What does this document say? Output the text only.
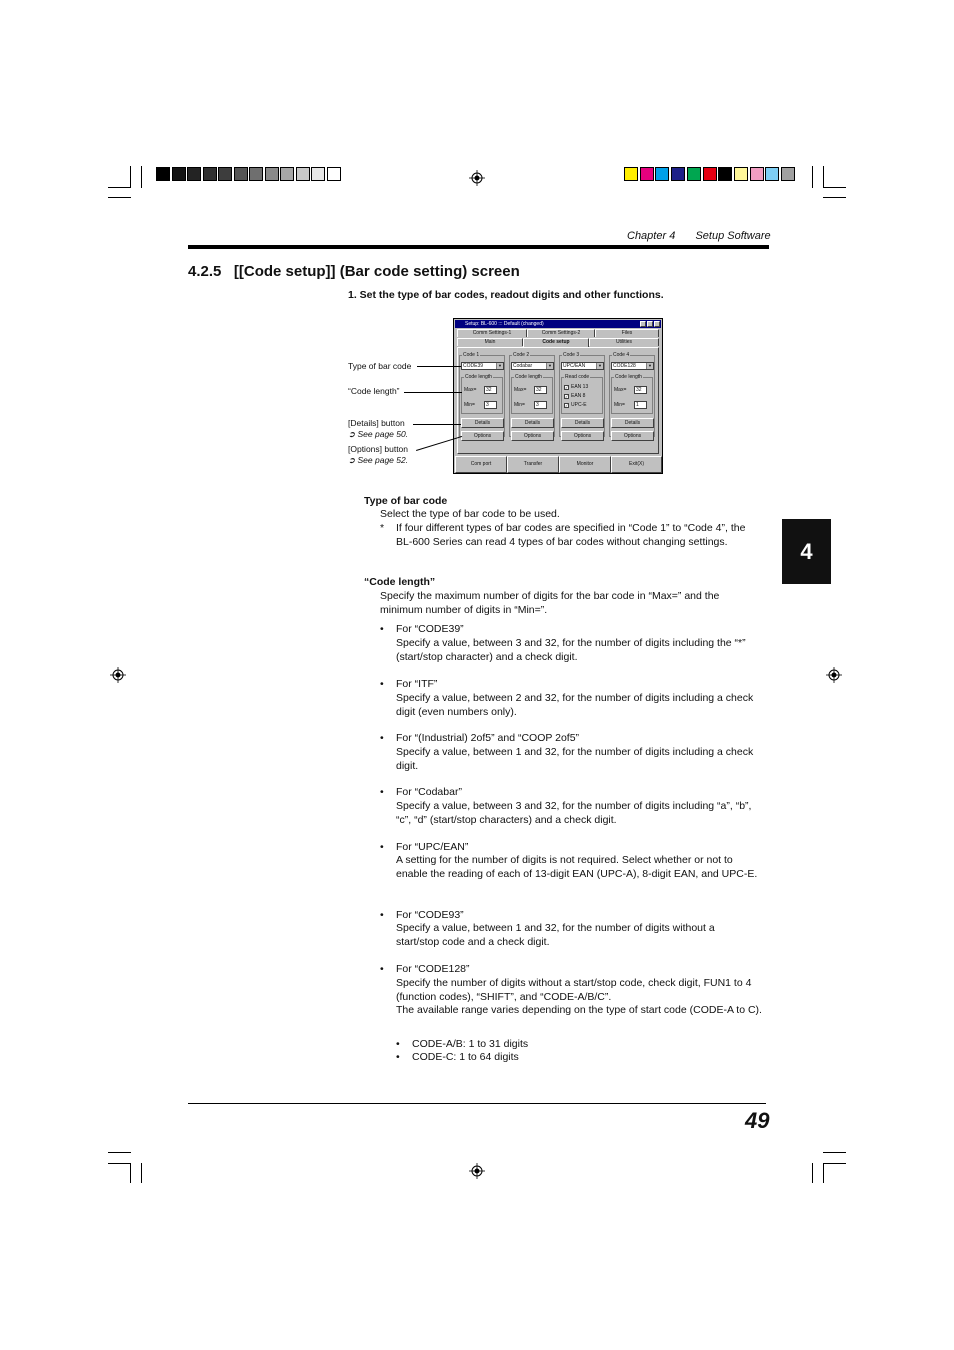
Chapter 4 Setup Software
4
4.2.5 [[Code setup]] (Bar code setting) screen
1. Set the type of bar codes, readout digits and other functions.
Setup: BL-600 ::: Default (changed)
Comm Settings-1	Comm Settings-2	Files
Main	Code setup	Utilities
Code 1
CODE39	▼
Code length
Max=	32
Min=	3
Details
Options
Code 2
Codabar	▼
Code length
Max=	32
Min=	3
Details
Options
Code 3
UPC/EAN	▼
Read code
✓ EAN 13
✓ EAN 8
✓ UPC-E
Details
Options
Code 4
CODE128	▼
Code length
Max=	32
Min=	1
Details
Options
Com port	Transfer	Monitor	Exit(X)
Type of bar code
“Code length”
[Details] button
➲ See page 50.
[Options] button
➲ See page 52.
Type of bar code
Select the type of bar code to be used.
* If four different types of bar codes are specified in “Code 1” to “Code 4”, the BL-600 Series can read 4 types of bar codes without changing settings.
“Code length”
Specify the maximum number of digits for the bar code in “Max=” and the minimum number of digits in “Min=”.
• For “CODE39”
Specify a value, between 3 and 32, for the number of digits including the “*” (start/stop character) and a check digit.
• For “ITF”
Specify a value, between 2 and 32, for the number of digits including a check digit (even numbers only).
• For “(Industrial) 2of5” and “COOP 2of5”
Specify a value, between 1 and 32, for the number of digits including a check digit.
• For “Codabar”
Specify a value, between 3 and 32, for the number of digits including “a”, “b”, “c”, “d” (start/stop characters) and a check digit.
• For “UPC/EAN”
A setting for the number of digits is not required. Select whether or not to enable the reading of each of 13-digit EAN (UPC-A), 8-digit EAN, and UPC-E.
• For “CODE93”
Specify a value, between 1 and 32, for the number of digits without a start/stop code and a check digit.
• For “CODE128”
Specify the number of digits without a start/stop code, check digit, FUN1 to 4 (function codes), “SHIFT”, and “CODE-A/B/C”.
The available range varies depending on the type of start code (CODE-A to C).
• CODE-A/B: 1 to 31 digits
• CODE-C: 1 to 64 digits
49
